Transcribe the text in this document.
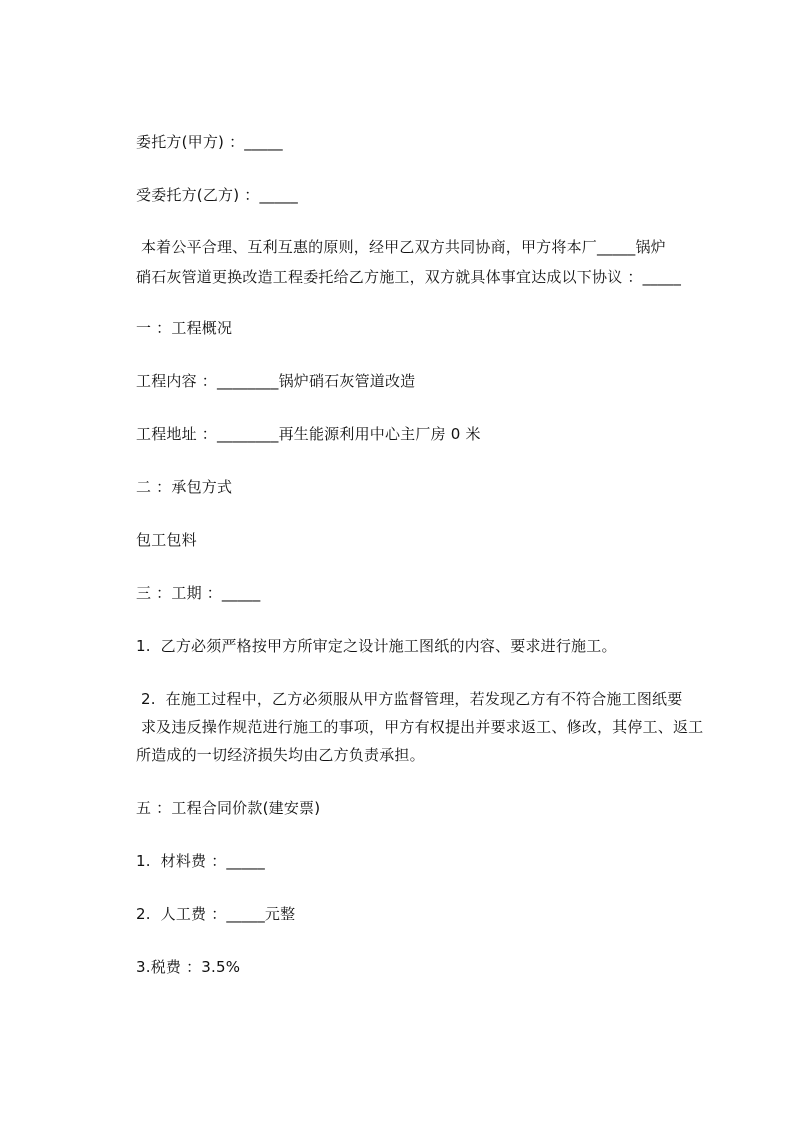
委托方(甲方) ：_____
受委托方(乙方) ：_____
本着公平合理、互利互惠的原则，经甲乙双方共同协商，甲方将本厂_____锅炉
硝石灰管道更换改造工程委托给乙方施工，双方就具体事宜达成以下协议 ：_____
一 ：工程概况
工程内容 ：________锅炉硝石灰管道改造
工程地址 ：________再生能源利用中心主厂房 0 米
二 ：承包方式
包工包料
三 ：工期 ：_____
1.  乙方必须严格按甲方所审定之设计施工图纸的内容、要求进行施工。
2.  在施工过程中，乙方必须服从甲方监督管理，若发现乙方有不符合施工图纸要
求及违反操作规范进行施工的事项，甲方有权提出并要求返工、修改，其停工、返工
所造成的一切经济损失均由乙方负责承担。
五 ：工程合同价款(建安票)
1.  材料费 ：_____
2.  人工费 ：_____元整
3.税费 ：3.5%
